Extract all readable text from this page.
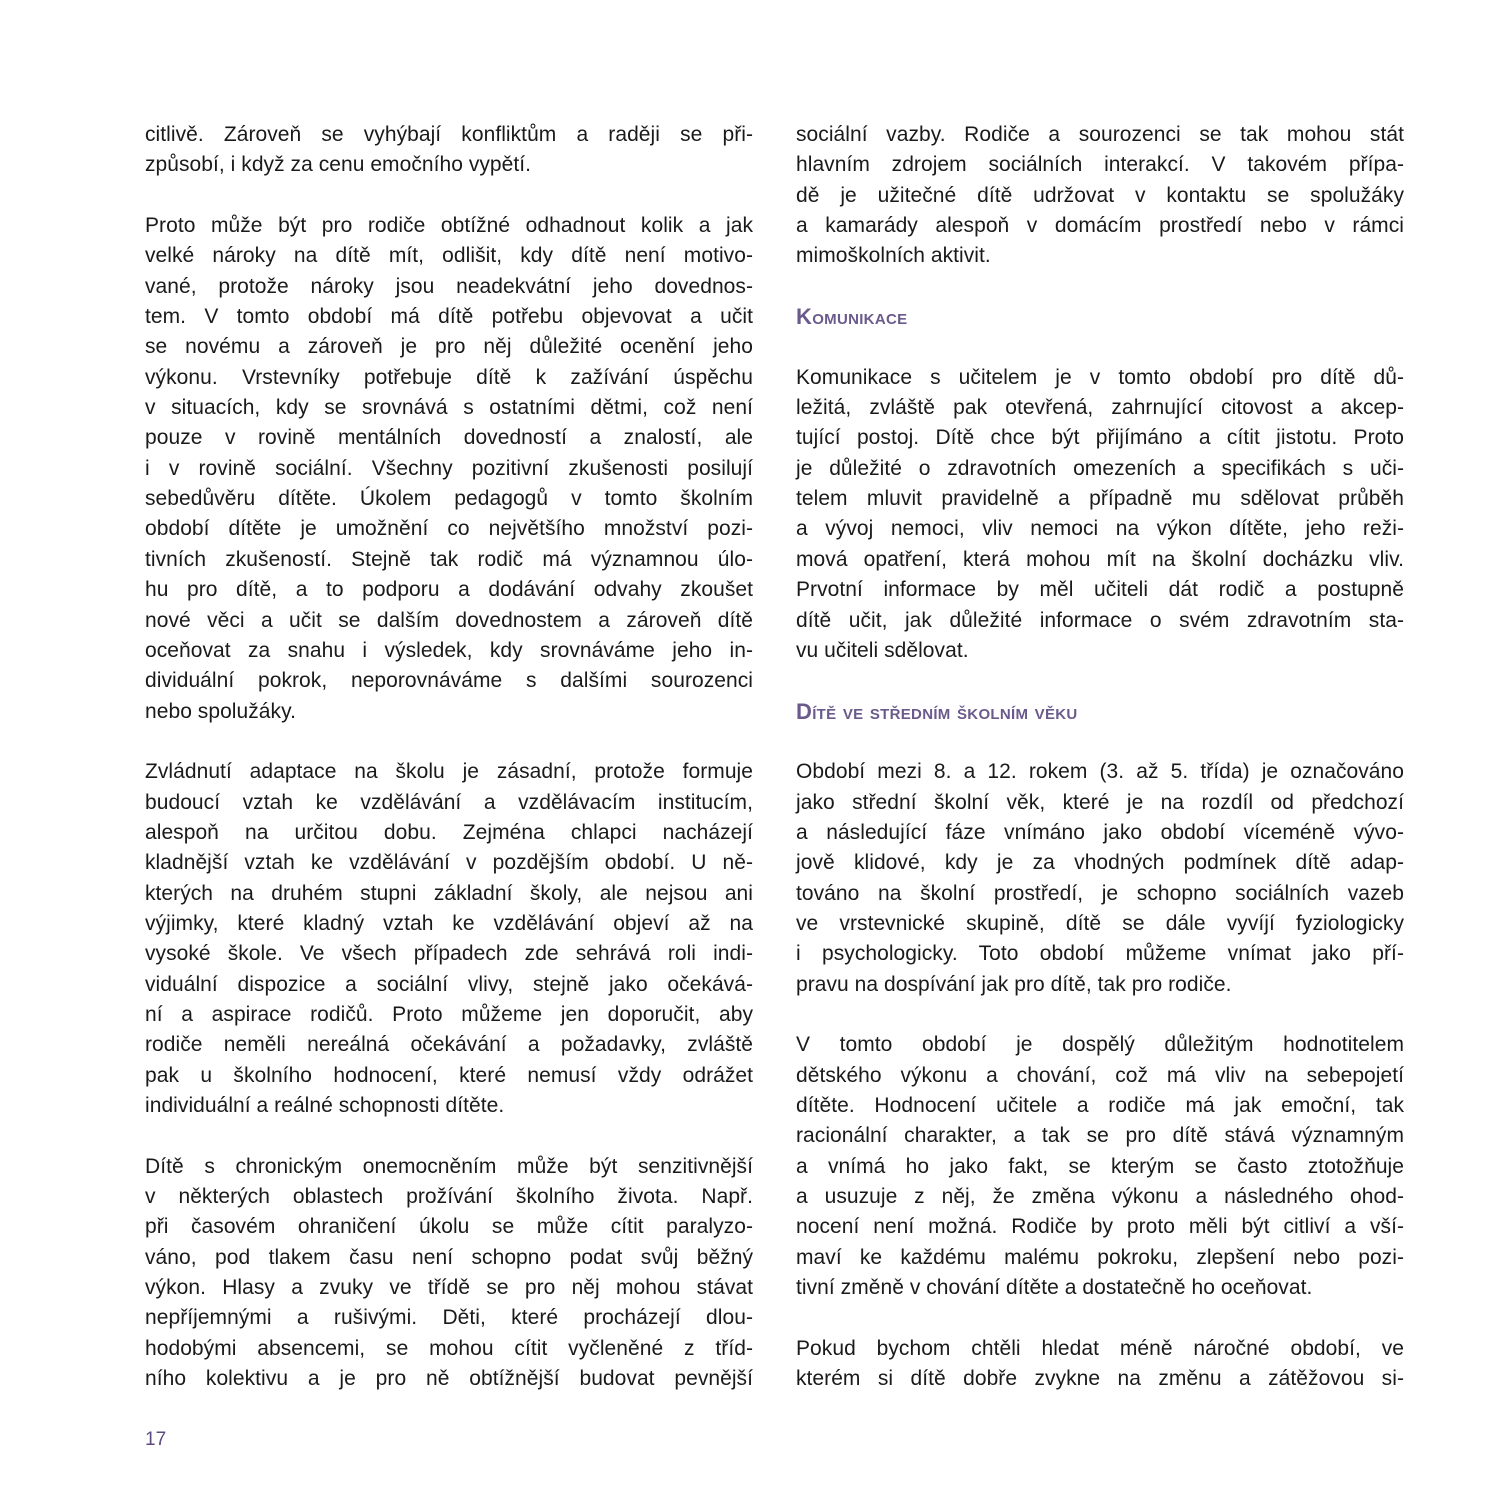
citlivě. Zároveň se vyhýbají konfliktům a raději se při-
způsobí, i když za cenu emočního vypětí.
Proto může být pro rodiče obtížné odhadnout kolik a jak
velké nároky na dítě mít, odlišit, kdy dítě není motivo-
vané, protože nároky jsou neadekvátní jeho dovednos-
tem. V tomto období má dítě potřebu objevovat a učit
se novému a zároveň je pro něj důležité ocenění jeho
výkonu. Vrstevníky potřebuje dítě k zažívání úspěchu
v situacích, kdy se srovnává s ostatními dětmi, což není
pouze v rovině mentálních dovedností a znalostí, ale
i v rovině sociální. Všechny pozitivní zkušenosti posilují
sebedůvěru dítěte. Úkolem pedagogů v tomto školním
období dítěte je umožnění co největšího množství pozi-
tivních zkušeností. Stejně tak rodič má významnou úlo-
hu pro dítě, a to podporu a dodávání odvahy zkoušet
nové věci a učit se dalším dovednostem a zároveň dítě
oceňovat za snahu i výsledek, kdy srovnáváme jeho in-
dividuální pokrok, neporovnáváme s dalšími sourozenci
nebo spolužáky.
Zvládnutí adaptace na školu je zásadní, protože formuje
budoucí vztah ke vzdělávání a vzdělávacím institucím,
alespoň na určitou dobu. Zejména chlapci nacházejí
kladnější vztah ke vzdělávání v pozdějším období. U ně-
kterých na druhém stupni základní školy, ale nejsou ani
výjimky, které kladný vztah ke vzdělávání objeví až na
vysoké škole. Ve všech případech zde sehrává roli indi-
viduální dispozice a sociální vlivy, stejně jako očekává-
ní a aspirace rodičů. Proto můžeme jen doporučit, aby
rodiče neměli nereálná očekávání a požadavky, zvláště
pak u školního hodnocení, které nemusí vždy odrážet
individuální a reálné schopnosti dítěte.
Dítě s chronickým onemocněním může být senzitivnější
v některých oblastech prožívání školního života. Např.
při časovém ohraničení úkolu se může cítit paralyzo-
váno, pod tlakem času není schopno podat svůj běžný
výkon. Hlasy a zvuky ve třídě se pro něj mohou stávat
nepříjemnými a rušivými. Děti, které procházejí dlou-
hodobými absencemi, se mohou cítit vyčleněné z tříd-
ního kolektivu a je pro ně obtížnější budovat pevnější
sociální vazby. Rodiče a sourozenci se tak mohou stát
hlavním zdrojem sociálních interakcí. V takovém přípa-
dě je užitečné dítě udržovat v kontaktu se spolužáky
a kamarády alespoň v domácím prostředí nebo v rámci
mimoškolních aktivit.
Komunikace
Komunikace s učitelem je v tomto období pro dítě dů-
ležitá, zvláště pak otevřená, zahrnující citovost a akcep-
tující postoj. Dítě chce být přijímáno a cítit jistotu. Proto
je důležité o zdravotních omezeních a specifikách s uči-
telem mluvit pravidelně a případně mu sdělovat průběh
a vývoj nemoci, vliv nemoci na výkon dítěte, jeho reži-
mová opatření, která mohou mít na školní docházku vliv.
Prvotní informace by měl učiteli dát rodič a postupně
dítě učit, jak důležité informace o svém zdravotním sta-
vu učiteli sdělovat.
Dítě ve středním školním věku
Období mezi 8. a 12. rokem (3. až 5. třída) je označováno
jako střední školní věk, které je na rozdíl od předchozí
a následující fáze vnímáno jako období víceméně vývo-
jově klidové, kdy je za vhodných podmínek dítě adap-
továno na školní prostředí, je schopno sociálních vazeb
ve vrstevnické skupině, dítě se dále vyvíjí fyziologicky
i psychologicky. Toto období můžeme vnímat jako pří-
pravu na dospívání jak pro dítě, tak pro rodiče.
V tomto období je dospělý důležitým hodnotitelem
dětského výkonu a chování, což má vliv na sebepojetí
dítěte. Hodnocení učitele a rodiče má jak emoční, tak
racionální charakter, a tak se pro dítě stává významným
a vnímá ho jako fakt, se kterým se často ztotožňuje
a usuzuje z něj, že změna výkonu a následného ohod-
nocení není možná. Rodiče by proto měli být citliví a vší-
maví ke každému malému pokroku, zlepšení nebo pozi-
tivní změně v chování dítěte a dostatečně ho oceňovat.
Pokud bychom chtěli hledat méně náročné období, ve
kterém si dítě dobře zvykne na změnu a zátěžovou si-
17
